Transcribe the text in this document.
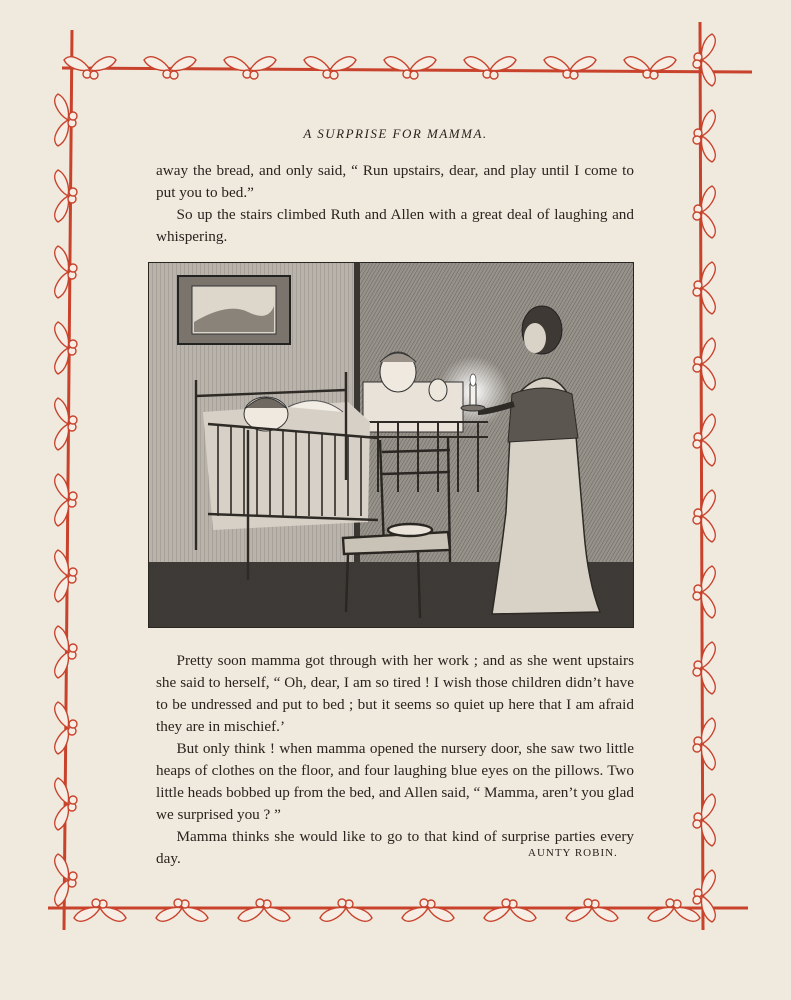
A SURPRISE FOR MAMMA.

away the bread, and only said, “ Run upstairs, dear, and play until I come to put you to bed.”

So up the stairs climbed Ruth and Allen with a great deal of laughing and whispering.

Pretty soon mamma got through with her work ; and as she went upstairs she said to herself, “ Oh, dear, I am so tired ! I wish those children didn’t have to be undressed and put to bed ; but it seems so quiet up here that I am afraid they are in mischief.’

But only think ! when mamma opened the nursery door, she saw two little heaps of clothes on the floor, and four laughing blue eyes on the pillows. Two little heads bobbed up from the bed, and Allen said, “ Mamma, aren’t you glad we surprised you ? ”

Mamma thinks she would like to go to that kind of surprise parties every day.	AUNTY ROBIN.
